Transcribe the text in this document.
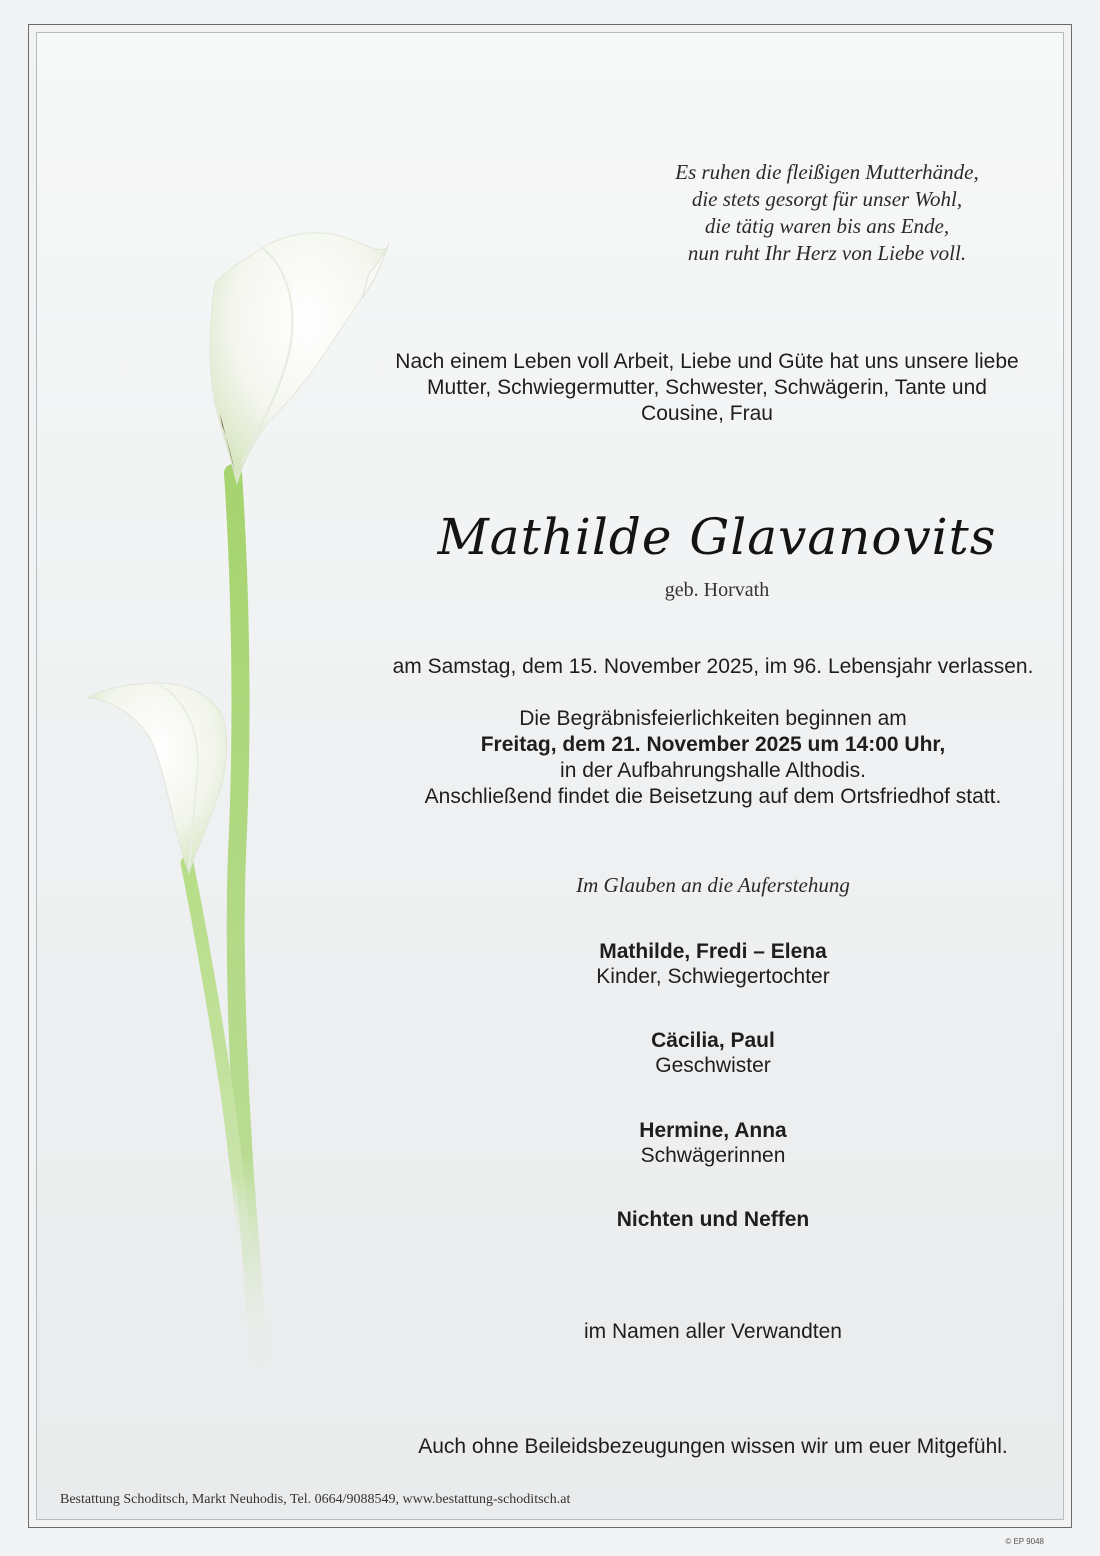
Es ruhen die fleißigen Mutterhände,
die stets gesorgt für unser Wohl,
die tätig waren bis ans Ende,
nun ruht Ihr Herz von Liebe voll.
Nach einem Leben voll Arbeit, Liebe und Güte hat uns unsere liebe
Mutter, Schwiegermutter, Schwester, Schwägerin, Tante und
Cousine, Frau
Mathilde Glavanovits
geb. Horvath
am Samstag, dem 15. November 2025, im 96. Lebensjahr verlassen.
Die Begräbnisfeierlichkeiten beginnen am
Freitag, dem 21. November 2025 um 14:00 Uhr,
in der Aufbahrungshalle Althodis.
Anschließend findet die Beisetzung auf dem Ortsfriedhof statt.
Im Glauben an die Auferstehung
Mathilde, Fredi – Elena
Kinder, Schwiegertochter
Cäcilia, Paul
Geschwister
Hermine, Anna
Schwägerinnen
Nichten und Neffen
im Namen aller Verwandten
Auch ohne Beileidsbezeugungen wissen wir um euer Mitgefühl.
Bestattung Schoditsch, Markt Neuhodis, Tel. 0664/9088549, www.bestattung-schoditsch.at
© EP 9048
